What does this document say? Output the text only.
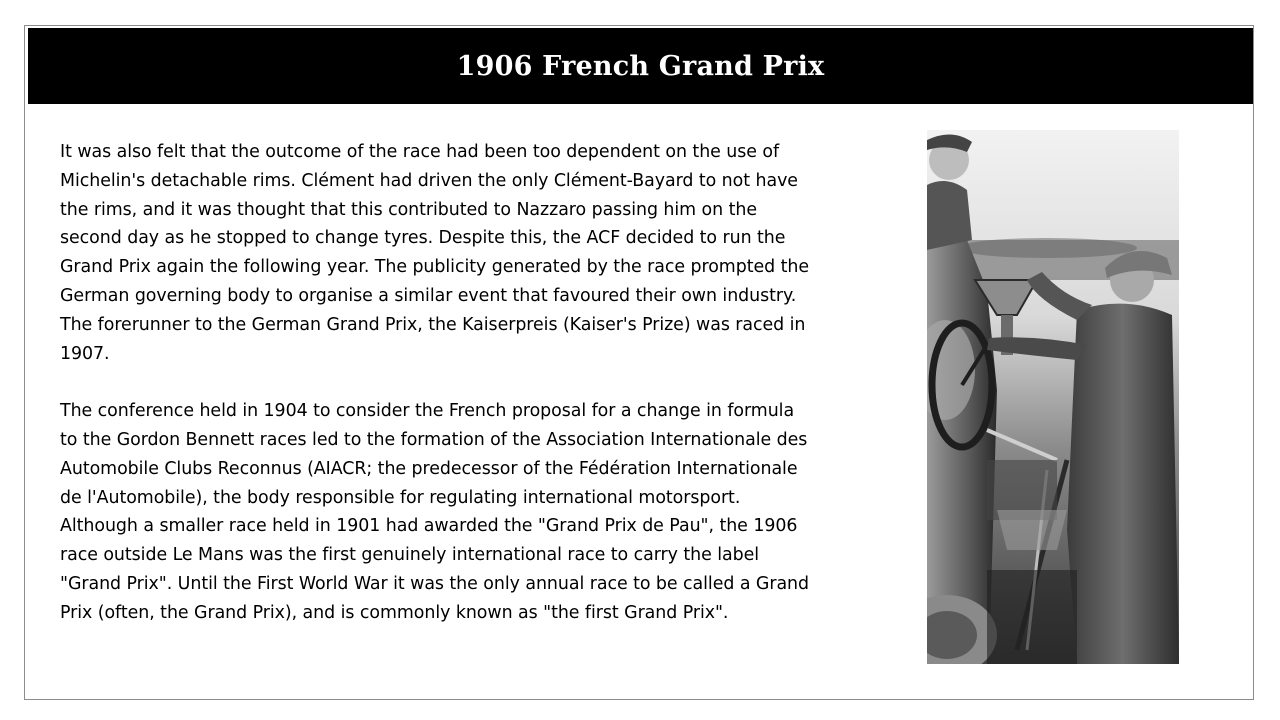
1906 French Grand Prix

It was also felt that the outcome of the race had been too dependent on the use of Michelin's detachable rims. Clément had driven the only Clément-Bayard to not have the rims, and it was thought that this contributed to Nazzaro passing him on the second day as he stopped to change tyres. Despite this, the ACF decided to run the Grand Prix again the following year. The publicity generated by the race prompted the German governing body to organise a similar event that favoured their own industry. The forerunner to the German Grand Prix, the Kaiserpreis (Kaiser's Prize) was raced in 1907.

The conference held in 1904 to consider the French proposal for a change in formula to the Gordon Bennett races led to the formation of the Association Internationale des Automobile Clubs Reconnus (AIACR; the predecessor of the Fédération Internationale de l'Automobile), the body responsible for regulating international motorsport. Although a smaller race held in 1901 had awarded the "Grand Prix de Pau", the 1906 race outside Le Mans was the first genuinely international race to carry the label "Grand Prix". Until the First World War it was the only annual race to be called a Grand Prix (often, the Grand Prix), and is commonly known as "the first Grand Prix".
